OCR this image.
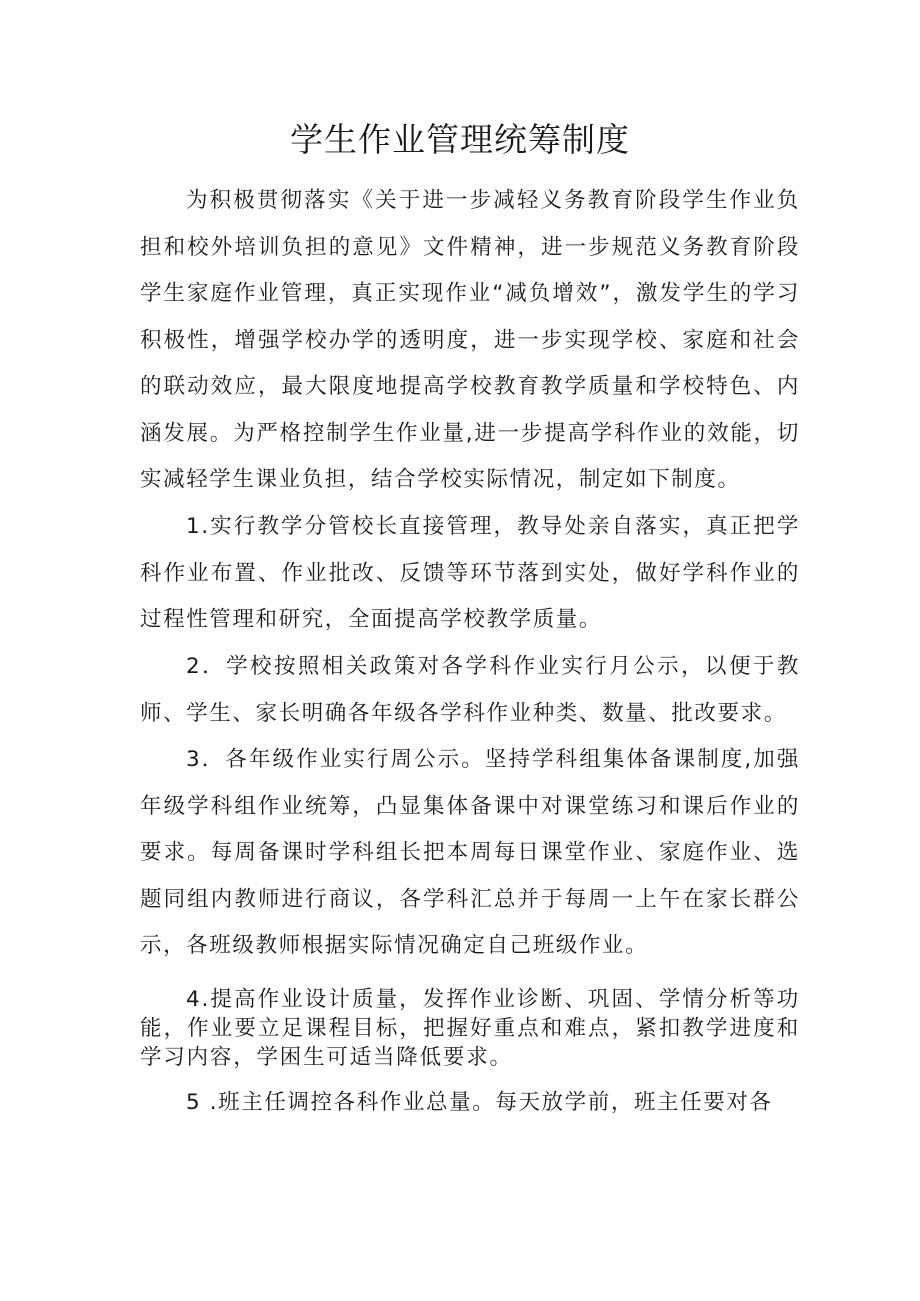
学生作业管理统筹制度

为积极贯彻落实《关于进一步减轻义务教育阶段学生作业负担和校外培训负担的意见》文件精神，进一步规范义务教育阶段学生家庭作业管理，真正实现作业“减负增效”，激发学生的学习积极性，增强学校办学的透明度，进一步实现学校、家庭和社会的联动效应，最大限度地提高学校教育教学质量和学校特色、内涵发展。为严格控制学生作业量,进一步提高学科作业的效能，切实减轻学生课业负担，结合学校实际情况，制定如下制度。

1.实行教学分管校长直接管理，教导处亲自落实，真正把学科作业布置、作业批改、反馈等环节落到实处，做好学科作业的过程性管理和研究，全面提高学校教学质量。

2．学校按照相关政策对各学科作业实行月公示，以便于教师、学生、家长明确各年级各学科作业种类、数量、批改要求。

3．各年级作业实行周公示。坚持学科组集体备课制度,加强年级学科组作业统筹，凸显集体备课中对课堂练习和课后作业的要求。每周备课时学科组长把本周每日课堂作业、家庭作业、选题同组内教师进行商议，各学科汇总并于每周一上午在家长群公示，各班级教师根据实际情况确定自己班级作业。

4.提高作业设计质量，发挥作业诊断、巩固、学情分析等功能，作业要立足课程目标，把握好重点和难点，紧扣教学进度和学习内容，学困生可适当降低要求。

5 .班主任调控各科作业总量。每天放学前，班主任要对各
